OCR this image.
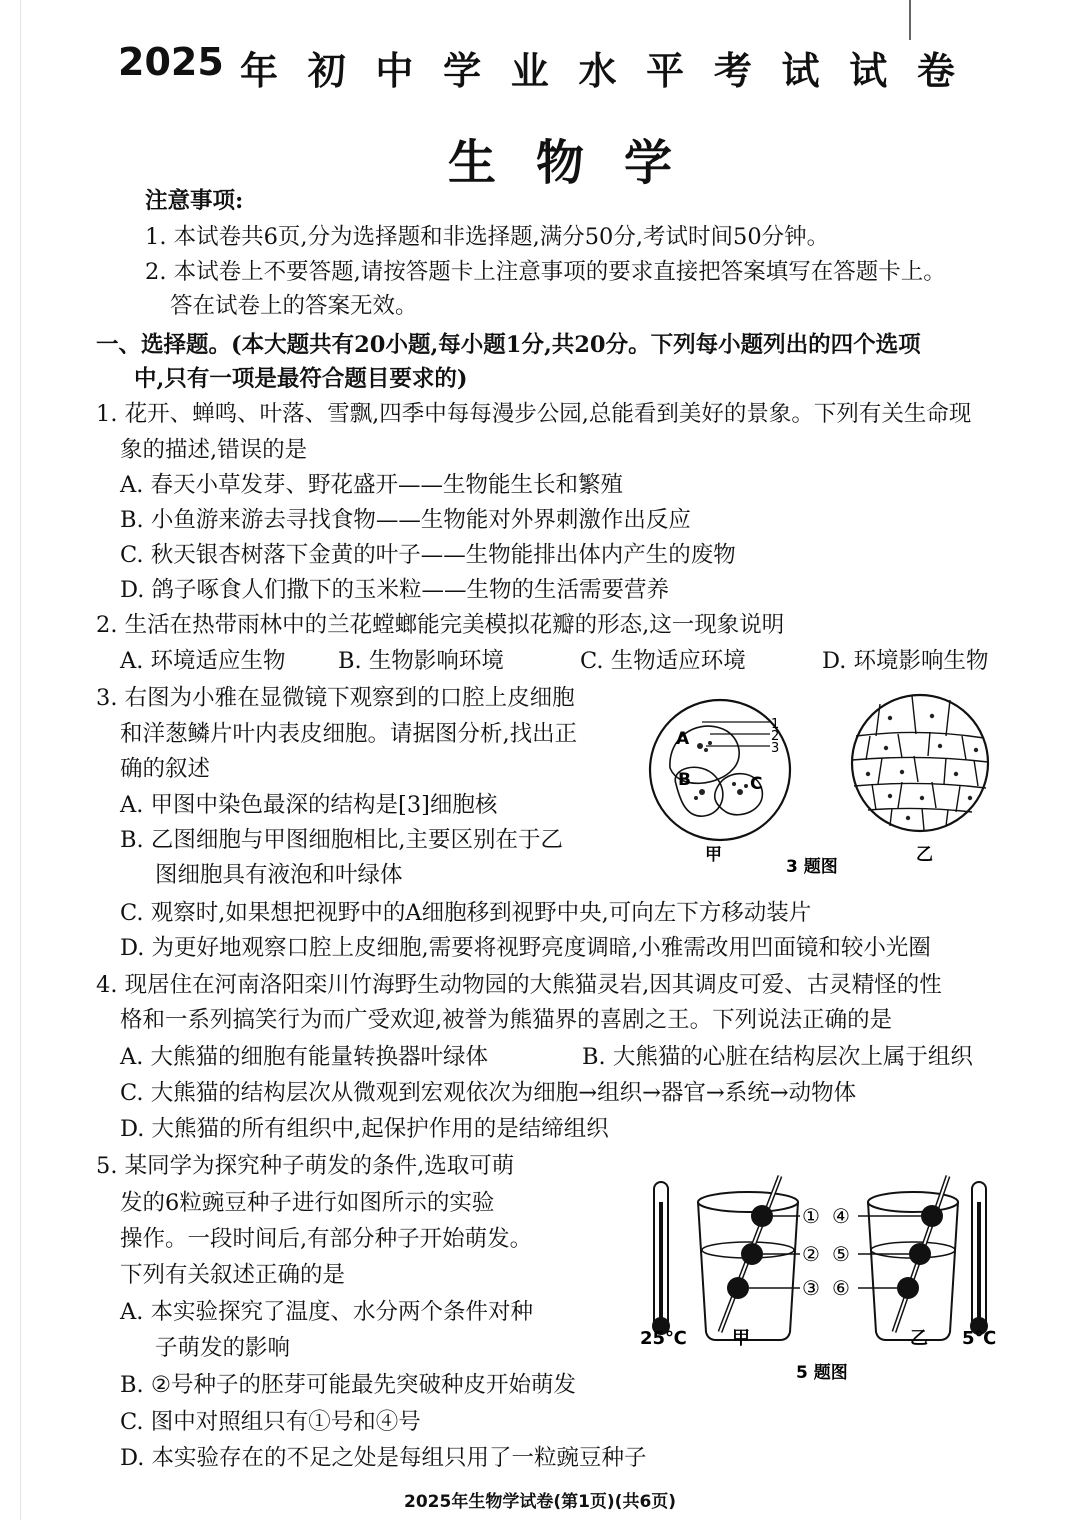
2025 年 初 中 学 业 水 平 考 试 试 卷
生物学
注意事项:
1. 本试卷共6页,分为选择题和非选择题,满分50分,考试时间50分钟。
2. 本试卷上不要答题,请按答题卡上注意事项的要求直接把答案填写在答题卡上。
答在试卷上的答案无效。
一、选择题。(本大题共有20小题,每小题1分,共20分。下列每小题列出的四个选项
中,只有一项是最符合题目要求的)
1. 花开、蝉鸣、叶落、雪飘,四季中每每漫步公园,总能看到美好的景象。下列有关生命现
象的描述,错误的是
A. 春天小草发芽、野花盛开——生物能生长和繁殖
B. 小鱼游来游去寻找食物——生物能对外界刺激作出反应
C. 秋天银杏树落下金黄的叶子——生物能排出体内产生的废物
D. 鸽子啄食人们撒下的玉米粒——生物的生活需要营养
2. 生活在热带雨林中的兰花螳螂能完美模拟花瓣的形态,这一现象说明
A. 环境适应生物 B. 生物影响环境	C. 生物适应环境	D. 环境影响生物
3. 右图为小雅在显微镜下观察到的口腔上皮细胞
和洋葱鳞片叶内表皮细胞。请据图分析,找出正
确的叙述
A. 甲图中染色最深的结构是[3]细胞核
B. 乙图细胞与甲图细胞相比,主要区别在于乙
图细胞具有液泡和叶绿体
C. 观察时,如果想把视野中的A细胞移到视野中央,可向左下方移动装片
D. 为更好地观察口腔上皮细胞,需要将视野亮度调暗,小雅需改用凹面镜和较小光圈
A
B	C
1
2
3
甲
3 题图
乙
4. 现居住在河南洛阳栾川竹海野生动物园的大熊猫灵岩,因其调皮可爱、古灵精怪的性
格和一系列搞笑行为而广受欢迎,被誉为熊猫界的喜剧之王。下列说法正确的是
A. 大熊猫的细胞有能量转换器叶绿体	B. 大熊猫的心脏在结构层次上属于组织
C. 大熊猫的结构层次从微观到宏观依次为细胞→组织→器官→系统→动物体
D. 大熊猫的所有组织中,起保护作用的是结缔组织
5. 某同学为探究种子萌发的条件,选取可萌
发的6粒豌豆种子进行如图所示的实验
操作。一段时间后,有部分种子开始萌发。
下列有关叙述正确的是
A. 本实验探究了温度、水分两个条件对种
子萌发的影响
B. ②号种子的胚芽可能最先突破种皮开始萌发
C. 图中对照组只有①号和④号
D. 本实验存在的不足之处是每组只用了一粒豌豆种子
①
②
③
④
⑤
⑥
25℃	甲	乙 5℃
5 题图
2025年生物学试卷(第1页)(共6页)
